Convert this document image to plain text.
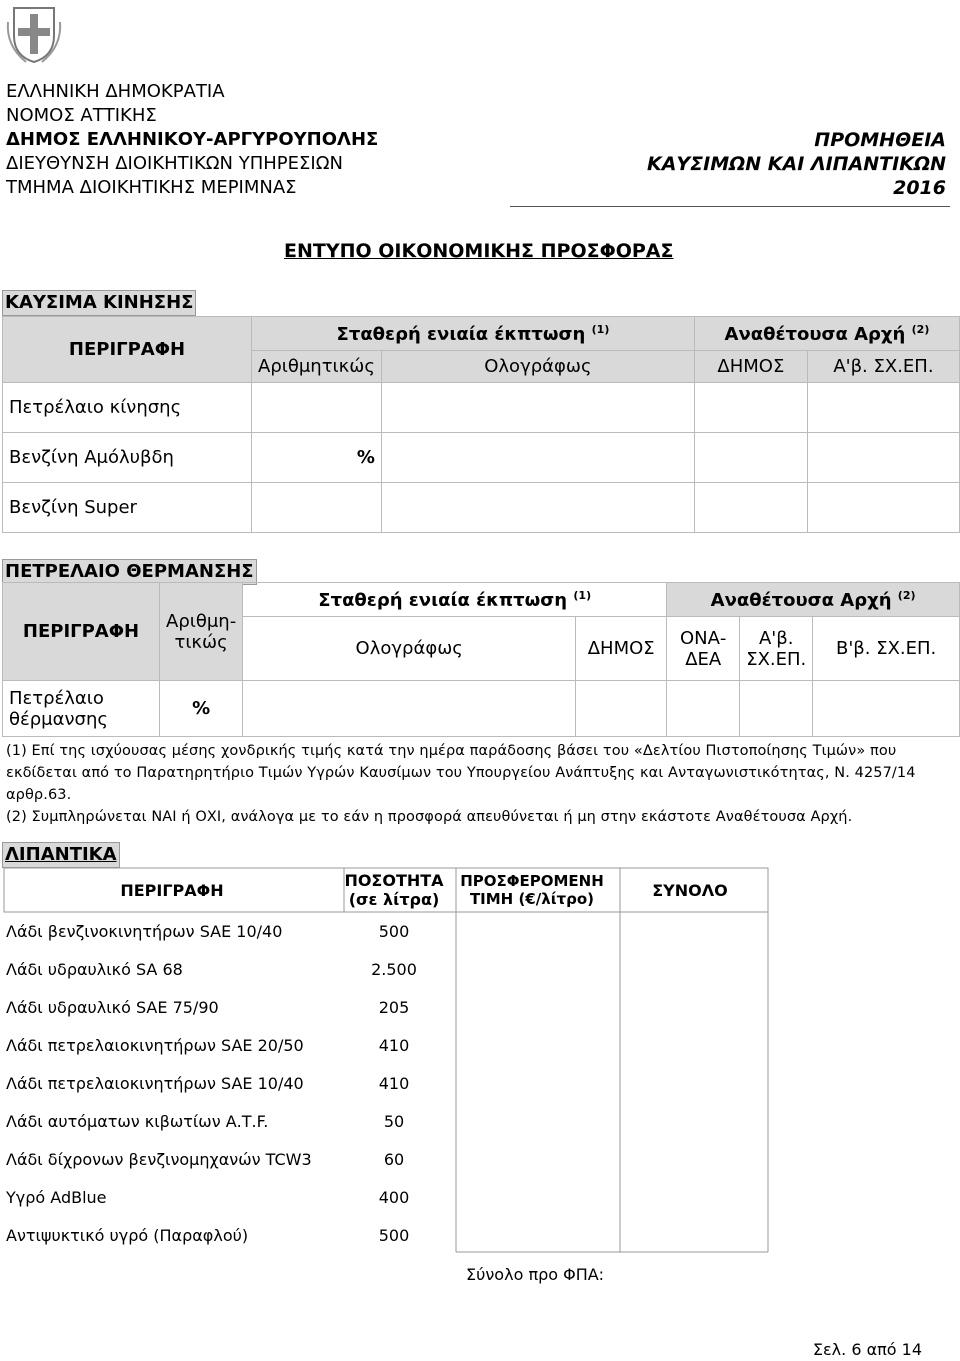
ΕΛΛΗΝΙΚΗ ΔΗΜΟΚΡΑΤΙΑ
ΝΟΜΟΣ ΑΤΤΙΚΗΣ
ΔΗΜΟΣ ΕΛΛΗΝΙΚΟΥ-ΑΡΓΥΡΟΥΠΟΛΗΣ
ΔΙΕΥΘΥΝΣΗ ΔΙΟΙΚΗΤΙΚΩΝ ΥΠΗΡΕΣΙΩΝ
ΤΜΗΜΑ ΔΙΟΙΚΗΤΙΚΗΣ ΜΕΡΙΜΝΑΣ
ΠΡΟΜΗΘΕΙΑ
ΚΑΥΣΙΜΩΝ ΚΑΙ ΛΙΠΑΝΤΙΚΩΝ
2016
ΕΝΤΥΠΟ ΟΙΚΟΝΟΜΙΚΗΣ ΠΡΟΣΦΟΡΑΣ
ΚΑΥΣΙΜΑ ΚΙΝΗΣΗΣ
ΠΕΡΙΓΡΑΦΗ	Σταθερή ενιαία έκπτωση $^{(1)}$		Αναθέτουσα Αρχή $^{(2)}$
	Αριθμητικώς	Ολογράφως	ΔΗΜΟΣ	Α'β. ΣΧ.ΕΠ.
Πετρέλαιο κίνησης				
Βενζίνη Αμόλυβδη	%			
Βενζίνη Super				
ΠΕΤΡΕΛΑΙΟ ΘΕΡΜΑΝΣΗΣ
ΠΕΡΙΓΡΑΦΗ	Αριθμη-τικώς	Σταθερή ενιαία έκπτωση $^{(1)}$		Αναθέτουσα Αρχή $^{(2)}$
		Ολογράφως	ΔΗΜΟΣ	ΟΝΑ-ΔΕΑ	Α'β. ΣΧ.ΕΠ.	Β'β. ΣΧ.ΕΠ.
Πετρέλαιο θέρμανσης	%					
(1) Επί της ισχύουσας μέσης χονδρικής τιμής κατά την ημέρα παράδοσης βάσει του «Δελτίου Πιστοποίησης Τιμών» που εκδίδεται από το Παρατηρητήριο Τιμών Υγρών Καυσίμων του Υπουργείου Ανάπτυξης και Ανταγωνιστικότητας, Ν. 4257/14 αρθρ.63.
(2) Συμπληρώνεται ΝΑΙ ή ΟΧΙ, ανάλογα με το εάν η προσφορά απευθύνεται ή μη στην εκάστοτε Αναθέτουσα Αρχή.
ΛΙΠΑΝΤΙΚΑ
ΠΕΡΙΓΡΑΦΗ	ΠΟΣΟΤΗΤΑ (σε λίτρα)	ΠΡΟΣΦΕΡΟΜΕΝΗ ΤΙΜΗ (€/λίτρο)	ΣΥΝΟΛΟ
Λάδι βενζινοκινητήρων SAE 10/40	500		
Λάδι υδραυλικό SA 68	2.500		
Λάδι υδραυλικό SAE 75/90	205		
Λάδι πετρελαιοκινητήρων SAE 20/50	410		
Λάδι πετρελαιοκινητήρων SAE 10/40	410		
Λάδι αυτόματων κιβωτίων Α.Τ.F.	50		
Λάδι δίχρονων βενζινομηχανών TCW3	60		
Υγρό AdBlue	400		
Αντιψυκτικό υγρό (Παραφλού)	500		
		Σύνολο προ ΦΠΑ:	
Σελ. 6 από 14
